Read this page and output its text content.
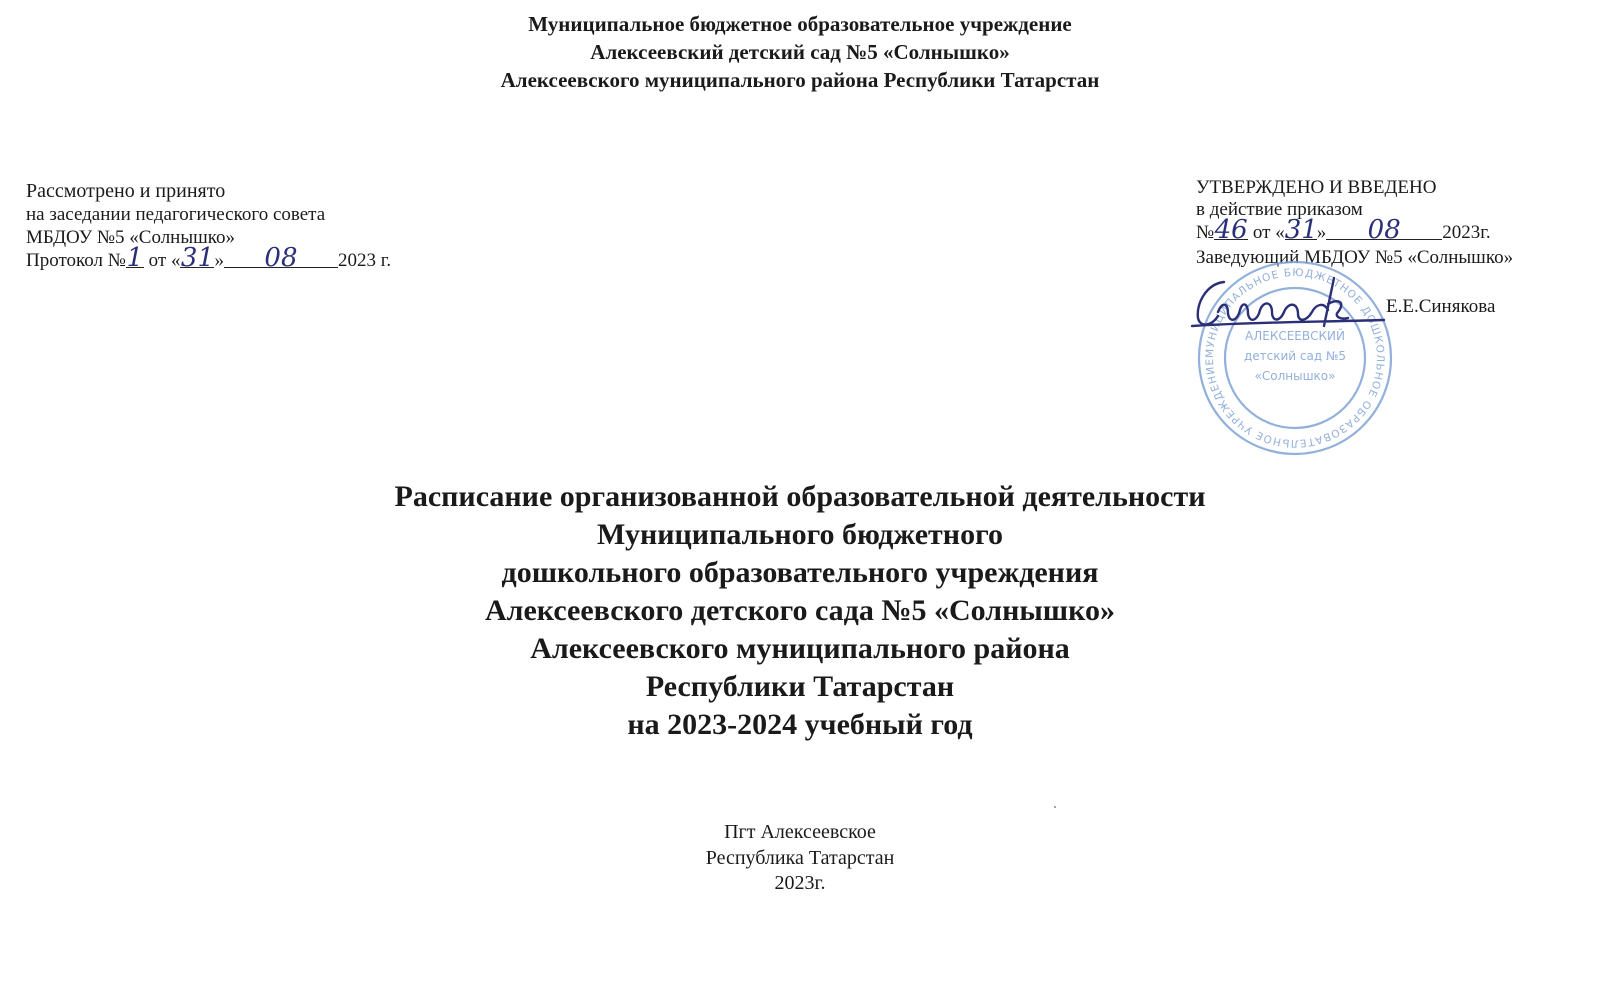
Муниципальное бюджетное образовательное учреждение
Алексеевский детский сад №5 «Солнышко»
Алексеевского муниципального района Республики Татарстан
Рассмотрено и принято
на заседании педагогического совета
МБДОУ №5 «Солнышко»
Протокол №1 от «31» 08 2023 г.
УТВЕРЖДЕНО И ВВЕДЕНО
в действие приказом
№46 от «31» 08 2023г.
Заведующий МБДОУ №5 «Солнышко»
МУНИЦИПАЛЬНОЕ БЮДЖЕТНОЕ ДОШКОЛЬНОЕ ОБРАЗОВАТЕЛЬНОЕ УЧРЕЖДЕНИЕ
АЛЕКСЕЕВСКИЙ
детский сад №5
«Солнышко»
Е.Е.Синякова
Расписание организованной образовательной деятельности
Муниципального бюджетного
дошкольного образовательного учреждения
Алексеевского детского сада №5 «Солнышко»
Алексеевского муниципального района
Республики Татарстан
на 2023-2024 учебный год
Пгт Алексеевское
Республика Татарстан
2023г.
